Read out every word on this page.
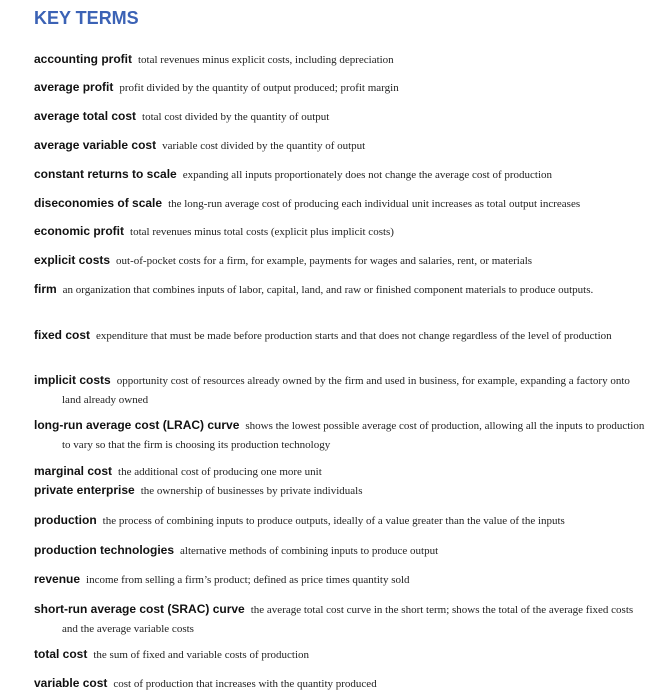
KEY TERMS
accounting profit total revenues minus explicit costs, including depreciation
average profit profit divided by the quantity of output produced; profit margin
average total cost total cost divided by the quantity of output
average variable cost variable cost divided by the quantity of output
constant returns to scale expanding all inputs proportionately does not change the average cost of production
diseconomies of scale the long-run average cost of producing each individual unit increases as total output increases
economic profit total revenues minus total costs (explicit plus implicit costs)
explicit costs out-of-pocket costs for a firm, for example, payments for wages and salaries, rent, or materials
firm an organization that combines inputs of labor, capital, land, and raw or finished component materials to produce outputs.
fixed cost expenditure that must be made before production starts and that does not change regardless of the level of production
implicit costs opportunity cost of resources already owned by the firm and used in business, for example, expanding a factory onto land already owned
long-run average cost (LRAC) curve shows the lowest possible average cost of production, allowing all the inputs to production to vary so that the firm is choosing its production technology
marginal cost the additional cost of producing one more unit
private enterprise the ownership of businesses by private individuals
production the process of combining inputs to produce outputs, ideally of a value greater than the value of the inputs
production technologies alternative methods of combining inputs to produce output
revenue income from selling a firm’s product; defined as price times quantity sold
short-run average cost (SRAC) curve the average total cost curve in the short term; shows the total of the average fixed costs and the average variable costs
total cost the sum of fixed and variable costs of production
variable cost cost of production that increases with the quantity produced
